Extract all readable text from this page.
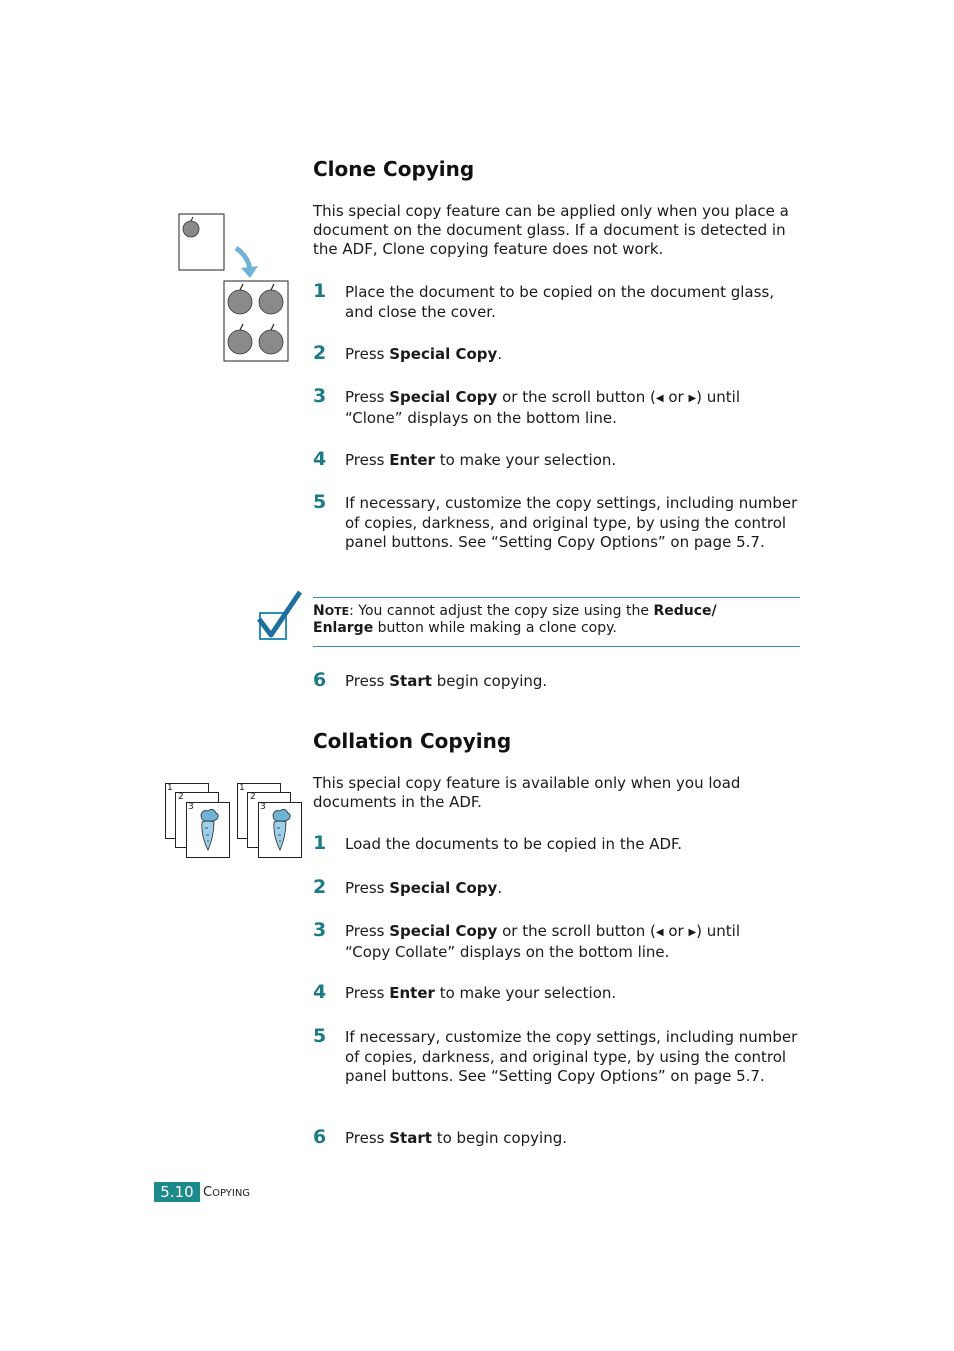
Clone Copying

This special copy feature can be applied only when you place a document on the document glass. If a document is detected in the ADF, Clone copying feature does not work.

1 Place the document to be copied on the document glass, and close the cover.

2 Press Special Copy.

3 Press Special Copy or the scroll button (◀ or ▶) until
“Clone” displays on the bottom line.

4 Press Enter to make your selection.

5 If necessary, customize the copy settings, including number of copies, darkness, and original type, by using the control panel buttons. See “Setting Copy Options” on page 5.7.

NOTE: You cannot adjust the copy size using the Reduce/
Enlarge button while making a clone copy.

6 Press Start begin copying.

Collation Copying
1
2
3
1
2
3

This special copy feature is available only when you load documents in the ADF.

1 Load the documents to be copied in the ADF.

2 Press Special Copy.

3 Press Special Copy or the scroll button (◀ or ▶) until
“Copy Collate” displays on the bottom line.

4 Press Enter to make your selection.

5 If necessary, customize the copy settings, including number of copies, darkness, and original type, by using the control panel buttons. See “Setting Copy Options” on page 5.7.

6 Press Start to begin copying.

5.10 COPYING
